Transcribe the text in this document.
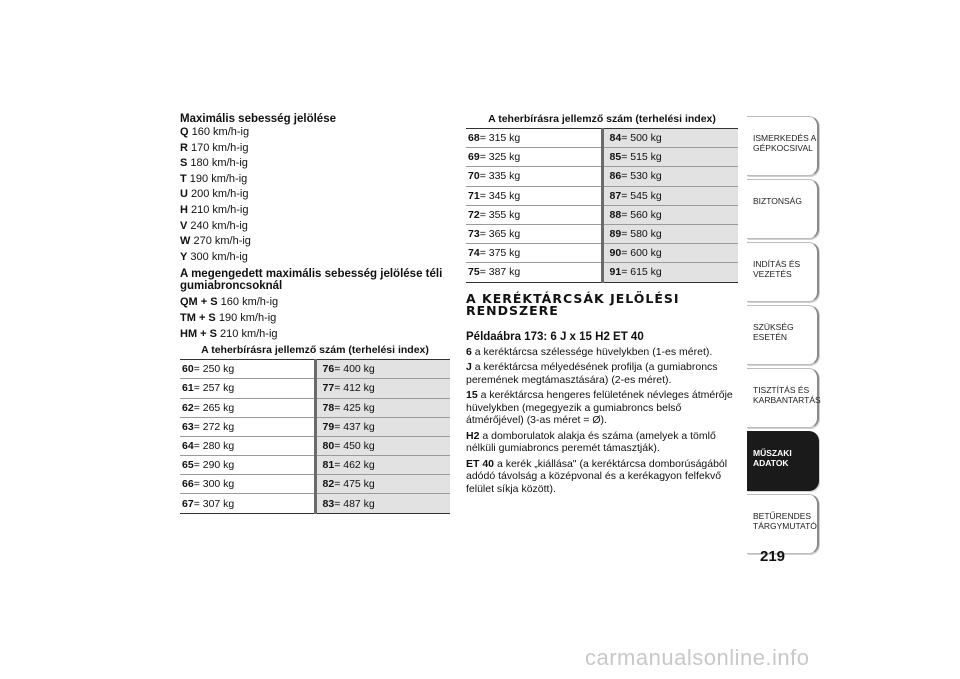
Maximális sebesség jelölése
Q 160 km/h-ig
R 170 km/h-ig
S 180 km/h-ig
T 190 km/h-ig
U 200 km/h-ig
H 210 km/h-ig
V 240 km/h-ig
W 270 km/h-ig
Y 300 km/h-ig
A megengedett maximális sebesség jelölése téli gumiabroncsoknál
QM + S 160 km/h-ig
TM + S 190 km/h-ig
HM + S 210 km/h-ig
A teherbírásra jellemző szám (terhelési index)
60= 250 kg	76= 400 kg
61= 257 kg	77= 412 kg
62= 265 kg	78= 425 kg
63= 272 kg	79= 437 kg
64= 280 kg	80= 450 kg
65= 290 kg	81= 462 kg
66= 300 kg	82= 475 kg
67= 307 kg	83= 487 kg
A teherbírásra jellemző szám (terhelési index)
68= 315 kg	84= 500 kg
69= 325 kg	85= 515 kg
70= 335 kg	86= 530 kg
71= 345 kg	87= 545 kg
72= 355 kg	88= 560 kg
73= 365 kg	89= 580 kg
74= 375 kg	90= 600 kg
75= 387 kg	91= 615 kg
A KERÉKTÁRCSÁK JELÖLÉSI RENDSZERE
Példaábra 173: 6 J x 15 H2 ET 40
6 a keréktárcsa szélessége hüvelykben (1-es méret).
J a keréktárcsa mélyedésének profilja (a gumiabroncs peremének megtámasztására) (2-es méret).
15 a keréktárcsa hengeres felületének névleges átmérője hüvelykben (megegyezik a gumiabroncs belső átmérőjével) (3-as méret = Ø).
H2 a domborulatok alakja és száma (amelyek a tömlő nélküli gumiabroncs peremét támasztják).
ET 40 a kerék „kiállása" (a keréktárcsa domborúságából adódó távolság a középvonal és a kerékagyon felfekvő felület síkja között).
ISMERKEDÉS A GÉPKOCSIVAL
BIZTONSÁG
INDÍTÁS ÉS VEZETÉS
SZÜKSÉG ESETÉN
TISZTÍTÁS ÉS KARBANTARTÁS
MŰSZAKI ADATOK
BETŰRENDES TÁRGYMUTATÓ
219
carmanualsonline.info
